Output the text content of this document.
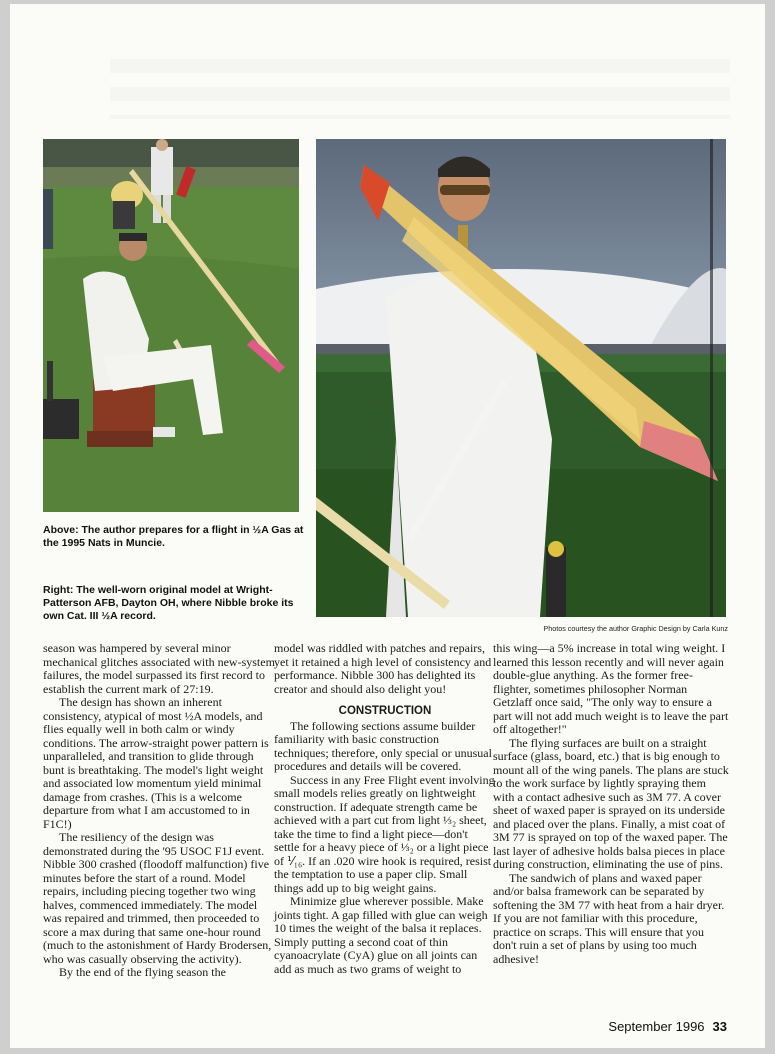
Above: The author prepares for a flight in ½A Gas at the 1995 Nats in Muncie.
Right: The well-worn original model at Wright-Patterson AFB, Dayton OH, where Nibble broke its own Cat. III ½A record.
Photos courtesy the author Graphic Design by Carla Kunz

season was hampered by several minor mechanical glitches associated with new-system failures, the model surpassed its first record to establish the current mark of 27:19.

The design has shown an inherent consistency, atypical of most ½A models, and flies equally well in both calm or windy conditions. The arrow-straight power pattern is unparalleled, and transition to glide through bunt is breathtaking. The model's light weight and associated low momentum yield minimal damage from crashes. (This is a welcome departure from what I am accustomed to in F1C!)

The resiliency of the design was demonstrated during the '95 USOC F1J event. Nibble 300 crashed (floodoff malfunction) five minutes before the start of a round. Model repairs, including piecing together two wing halves, commenced immediately. The model was repaired and trimmed, then proceeded to score a max during that same one-hour round (much to the astonishment of Hardy Brodersen, who was casually observing the activity).

By the end of the flying season the

model was riddled with patches and repairs, yet it retained a high level of consistency and performance. Nibble 300 has delighted its creator and should also delight you!

CONSTRUCTION

The following sections assume builder familiarity with basic construction techniques; therefore, only special or unusual procedures and details will be covered.

Success in any Free Flight event involving small models relies greatly on lightweight construction. If adequate strength came be achieved with a part cut from light ⅓₂ sheet, take the time to find a light piece—don't settle for a heavy piece of ⅓₂ or a light piece of ⅟₁₆. If an .020 wire hook is required, resist the temptation to use a paper clip. Small things add up to big weight gains.

Minimize glue wherever possible. Make joints tight. A gap filled with glue can weigh 10 times the weight of the balsa it replaces. Simply putting a second coat of thin cyanoacrylate (CyA) glue on all joints can add as much as two grams of weight to

this wing—a 5% increase in total wing weight. I learned this lesson recently and will never again double-glue anything. As the former free-flighter, sometimes philosopher Norman Getzlaff once said, "The only way to ensure a part will not add much weight is to leave the part off altogether!"

The flying surfaces are built on a straight surface (glass, board, etc.) that is big enough to mount all of the wing panels. The plans are stuck to the work surface by lightly spraying them with a contact adhesive such as 3M 77. A cover sheet of waxed paper is sprayed on its underside and placed over the plans. Finally, a mist coat of 3M 77 is sprayed on top of the waxed paper. The last layer of adhesive holds balsa pieces in place during construction, eliminating the use of pins.

The sandwich of plans and waxed paper and/or balsa framework can be separated by softening the 3M 77 with heat from a hair dryer. If you are not familiar with this procedure, practice on scraps. This will ensure that you don't ruin a set of plans by using too much adhesive!

September 1996 33
